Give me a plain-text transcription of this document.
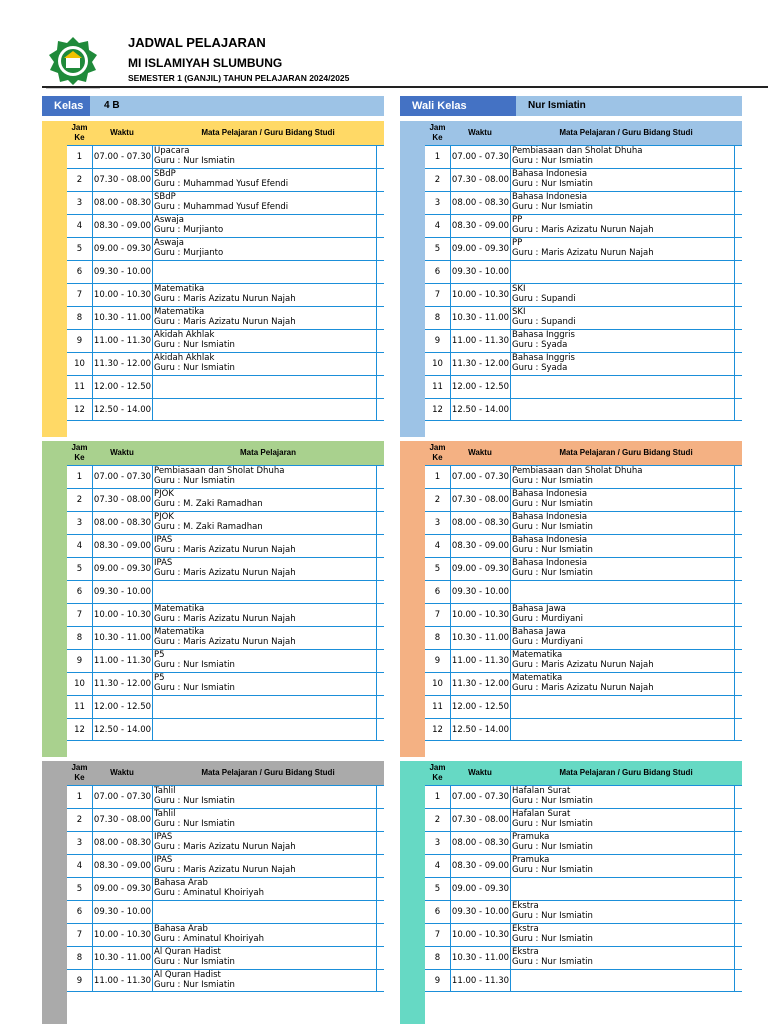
JADWAL PELAJARAN
MI ISLAMIYAH SLUMBUNG
SEMESTER 1 (GANJIL) TAHUN PELAJARAN 2024/2025
Kelas	4 B	Wali Kelas	Nur Ismiatin
Jam
Ke
Waktu	Mata Pelajaran / Guru Bidang Studi
1	07.00 - 07.30
Upacara
Guru : Nur Ismiatin
2	07.30 - 08.00
SBdP
Guru : Muhammad Yusuf Efendi
3	08.00 - 08.30
SBdP
Guru : Muhammad Yusuf Efendi
4	08.30 - 09.00
Aswaja
Guru : Murjianto
5	09.00 - 09.30
Aswaja
Guru : Murjianto
6	09.30 - 10.00
7	10.00 - 10.30
Matematika
Guru : Maris Azizatu Nurun Najah
8	10.30 - 11.00
Matematika
Guru : Maris Azizatu Nurun Najah
9	11.00 - 11.30
Akidah Akhlak
Guru : Nur Ismiatin
10	11.30 - 12.00
Akidah Akhlak
Guru : Nur Ismiatin
11	12.00 - 12.50
12	12.50 - 14.00
Jam
Ke
Waktu	Mata Pelajaran / Guru Bidang Studi
1	07.00 - 07.30
Pembiasaan dan Sholat Dhuha
Guru : Nur Ismiatin
2	07.30 - 08.00
Bahasa Indonesia
Guru : Nur Ismiatin
3	08.00 - 08.30
Bahasa Indonesia
Guru : Nur Ismiatin
4	08.30 - 09.00
PP
Guru : Maris Azizatu Nurun Najah
5	09.00 - 09.30
PP
Guru : Maris Azizatu Nurun Najah
6	09.30 - 10.00
7	10.00 - 10.30
SKI
Guru : Supandi
8	10.30 - 11.00
SKI
Guru : Supandi
9	11.00 - 11.30
Bahasa Inggris
Guru : Syada
10	11.30 - 12.00
Bahasa Inggris
Guru : Syada
11	12.00 - 12.50
12	12.50 - 14.00
Jam
Ke
Waktu	Mata Pelajaran
1	07.00 - 07.30
Pembiasaan dan Sholat Dhuha
Guru : Nur Ismiatin
2	07.30 - 08.00
PJOK
Guru : M. Zaki Ramadhan
3	08.00 - 08.30
PJOK
Guru : M. Zaki Ramadhan
4	08.30 - 09.00
IPAS
Guru : Maris Azizatu Nurun Najah
5	09.00 - 09.30
IPAS
Guru : Maris Azizatu Nurun Najah
6	09.30 - 10.00
7	10.00 - 10.30
Matematika
Guru : Maris Azizatu Nurun Najah
8	10.30 - 11.00
Matematika
Guru : Maris Azizatu Nurun Najah
9	11.00 - 11.30
P5
Guru : Nur Ismiatin
10	11.30 - 12.00
P5
Guru : Nur Ismiatin
11	12.00 - 12.50
12	12.50 - 14.00
Jam
Ke
Waktu	Mata Pelajaran / Guru Bidang Studi
1	07.00 - 07.30
Pembiasaan dan Sholat Dhuha
Guru : Nur Ismiatin
2	07.30 - 08.00
Bahasa Indonesia
Guru : Nur Ismiatin
3	08.00 - 08.30
Bahasa Indonesia
Guru : Nur Ismiatin
4	08.30 - 09.00
Bahasa Indonesia
Guru : Nur Ismiatin
5	09.00 - 09.30
Bahasa Indonesia
Guru : Nur Ismiatin
6	09.30 - 10.00
7	10.00 - 10.30
Bahasa Jawa
Guru : Murdiyani
8	10.30 - 11.00
Bahasa Jawa
Guru : Murdiyani
9	11.00 - 11.30
Matematika
Guru : Maris Azizatu Nurun Najah
10	11.30 - 12.00
Matematika
Guru : Maris Azizatu Nurun Najah
11	12.00 - 12.50
12	12.50 - 14.00
Jam
Ke
Waktu	Mata Pelajaran / Guru Bidang Studi
1	07.00 - 07.30
Tahlil
Guru : Nur Ismiatin
2	07.30 - 08.00
Tahlil
Guru : Nur Ismiatin
3	08.00 - 08.30
IPAS
Guru : Maris Azizatu Nurun Najah
4	08.30 - 09.00
IPAS
Guru : Maris Azizatu Nurun Najah
5	09.00 - 09.30
Bahasa Arab
Guru : Aminatul Khoiriyah
6	09.30 - 10.00
7	10.00 - 10.30
Bahasa Arab
Guru : Aminatul Khoiriyah
8	10.30 - 11.00
Al Quran Hadist
Guru : Nur Ismiatin
9	11.00 - 11.30
Al Quran Hadist
Guru : Nur Ismiatin
Jam
Ke
Waktu	Mata Pelajaran / Guru Bidang Studi
1	07.00 - 07.30
Hafalan Surat
Guru : Nur Ismiatin
2	07.30 - 08.00
Hafalan Surat
Guru : Nur Ismiatin
3	08.00 - 08.30
Pramuka
Guru : Nur Ismiatin
4	08.30 - 09.00
Pramuka
Guru : Nur Ismiatin
5	09.00 - 09.30
6	09.30 - 10.00
Ekstra
Guru : Nur Ismiatin
7	10.00 - 10.30
Ekstra
Guru : Nur Ismiatin
8	10.30 - 11.00
Ekstra
Guru : Nur Ismiatin
9	11.00 - 11.30
